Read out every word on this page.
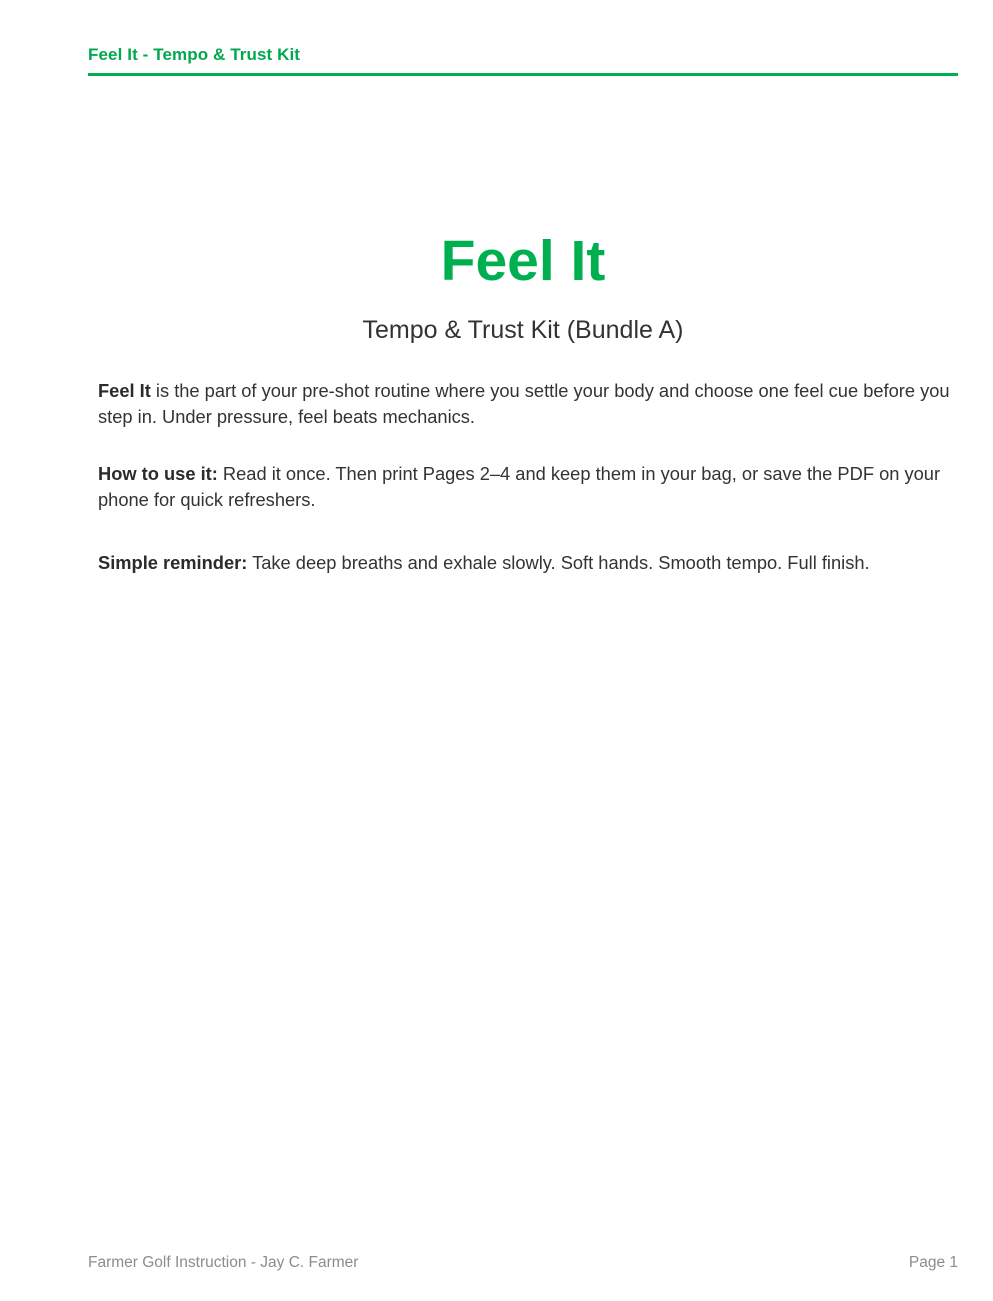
Feel It - Tempo & Trust Kit
Feel It
Tempo & Trust Kit (Bundle A)

Feel It is the part of your pre-shot routine where you settle your body and choose one feel cue before you step in. Under pressure, feel beats mechanics.

How to use it: Read it once. Then print Pages 2–4 and keep them in your bag, or save the PDF on your phone for quick refreshers.

Simple reminder: Take deep breaths and exhale slowly. Soft hands. Smooth tempo. Full finish.

Farmer Golf Instruction - Jay C. Farmer	Page 1
